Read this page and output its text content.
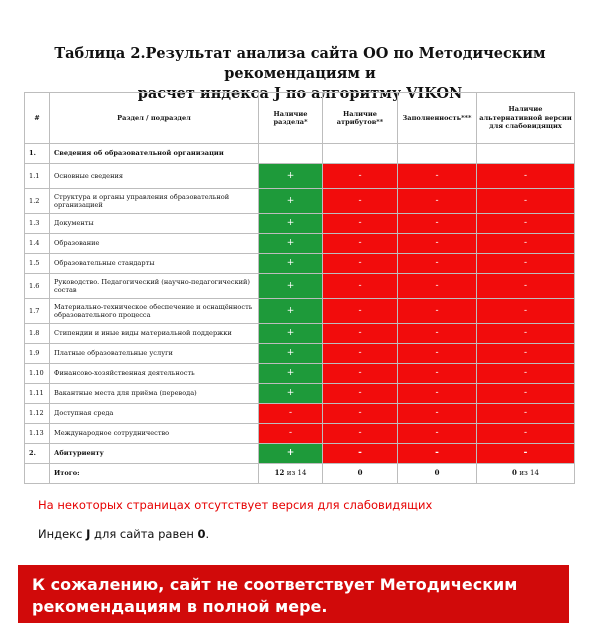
Таблица 2.Результат анализа сайта ОО по Методическим рекомендациям и
расчет индекса J по алгоритму VIKON
#	Раздел / подраздел	Наличие раздела*	Наличие атрибутов**	Заполненность***	Наличие альтернативной версии для слабовидящих
1.	Сведения об образовательной организации				
1.1	Основные сведения	+	-	-	-
1.2	Структура и органы управления образовательной организацией	+	-	-	-
1.3	Документы	+	-	-	-
1.4	Образование	+	-	-	-
1.5	Образовательные стандарты	+	-	-	-
1.6	Руководство. Педагогический (научно-педагогический) состав	+	-	-	-
1.7	Материально-техническое обеспечение и оснащённость образовательного процесса	+	-	-	-
1.8	Стипендии и иные виды материальной поддержки	+	-	-	-
1.9	Платные образовательные услуги	+	-	-	-
1.10	Финансово-хозяйственная деятельность	+	-	-	-
1.11	Вакантные места для приёма (перевода)	+	-	-	-
1.12	Доступная среда	-	-	-	-
1.13	Международное сотрудничество	-	-	-	-
2.	Абитуриенту	+	-	-	-
	Итого:	12 из 14	0	0	0 из 14
На некоторых страницах отсутствует версия для слабовидящих
Индекс J для сайта равен 0.
К сожалению, сайт не соответствует Методическим
рекомендациям в полной мере.
